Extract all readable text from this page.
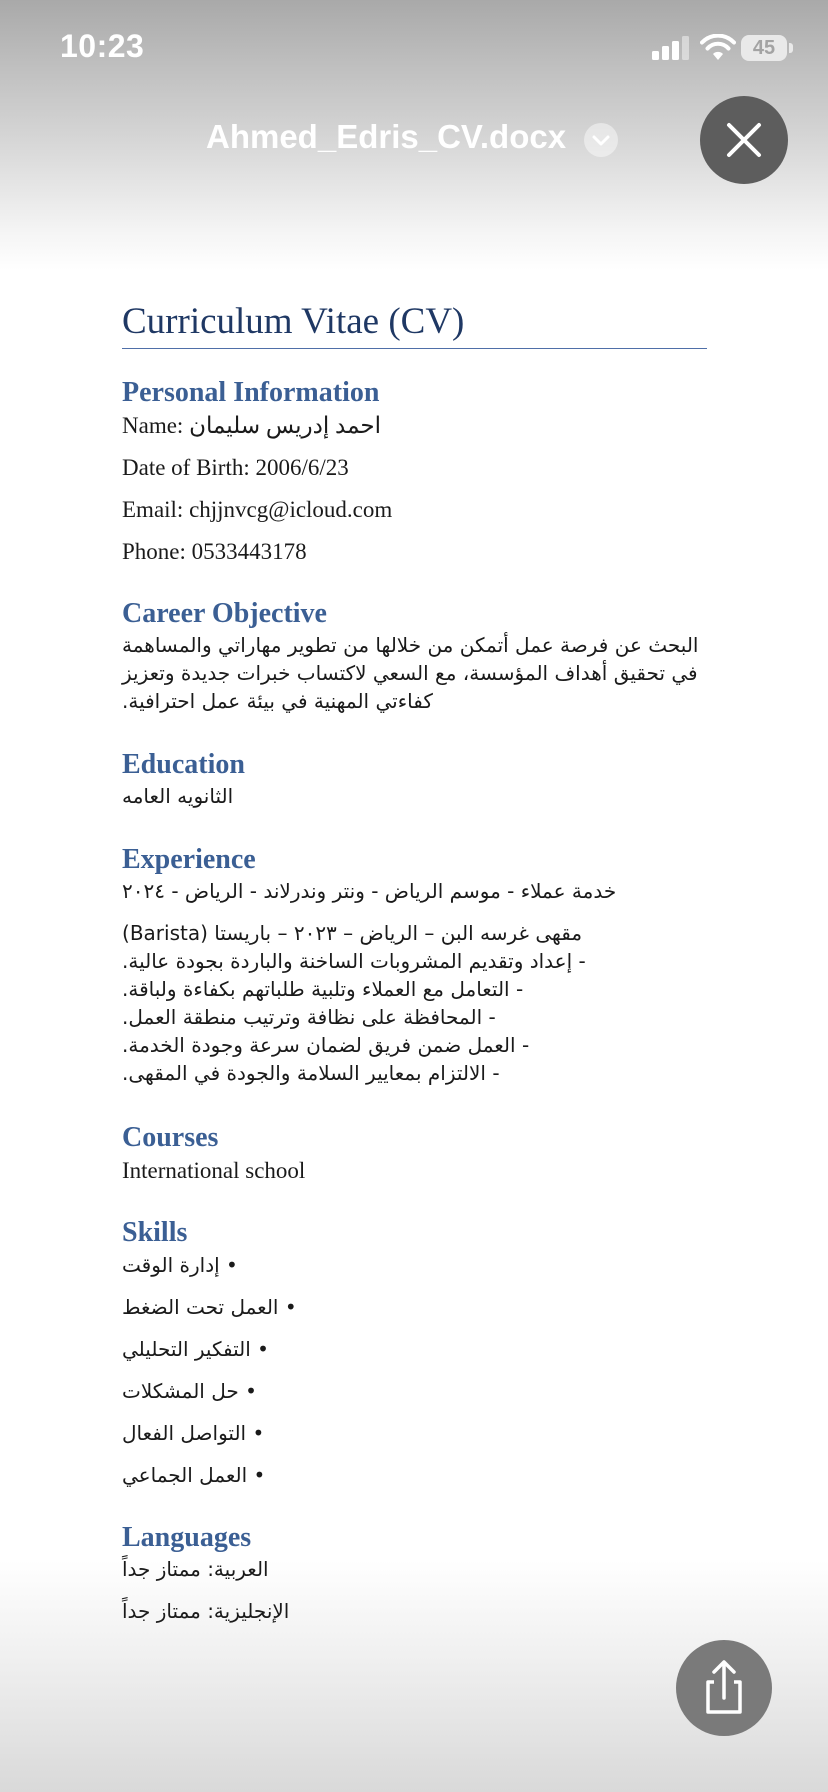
10:23	45
Ahmed_Edris_CV.docx
Curriculum Vitae (CV)
Personal Information
Name: احمد إدريس سليمان
Date of Birth: 2006/6/23
Email: chjjnvcg@icloud.com
Phone: 0533443178
Career Objective
البحث عن فرصة عمل أتمكن من خلالها من تطوير مهاراتي والمساهمة
في تحقيق أهداف المؤسسة، مع السعي لاكتساب خبرات جديدة وتعزيز
كفاءتي المهنية في بيئة عمل احترافية.
Education
الثانويه العامه
Experience
خدمة عملاء - موسم الرياض - ونتر وندرلاند - الرياض - ٢٠٢٤
مقهى غرسه البن – الرياض – ٢٠٢٣ – باريستا (Barista)
- إعداد وتقديم المشروبات الساخنة والباردة بجودة عالية.
- التعامل مع العملاء وتلبية طلباتهم بكفاءة ولباقة.
- المحافظة على نظافة وترتيب منطقة العمل.
- العمل ضمن فريق لضمان سرعة وجودة الخدمة.
- الالتزام بمعايير السلامة والجودة في المقهى.
Courses
International school
Skills
• إدارة الوقت
• العمل تحت الضغط
• التفكير التحليلي
• حل المشكلات
• التواصل الفعال
• العمل الجماعي
Languages
العربية: ممتاز جداً
الإنجليزية: ممتاز جداً
